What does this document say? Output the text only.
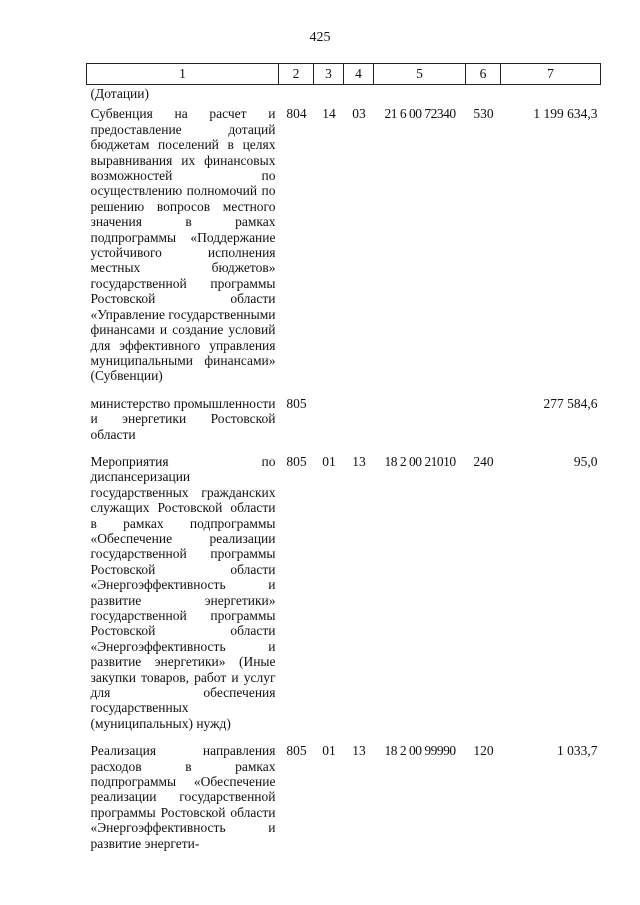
425
1	2	3	4	5	6	7
(Дотации)						
Субвенция на расчет и предоставление дотаций бюджетам поселений в целях выравнивания их финансовых возможностей по осуществлению полномочий по решению вопросов местного значения в рамках подпрограммы «Поддержание устойчивого исполнения местных бюджетов» государственной программы Ростовской области «Управление государственными финансами и создание условий для эффективного управления муниципальными финансами» (Субвенции)	804	14	03	21 6 00 72340	530	1 199 634,3
министерство промышленности и энергетики Ростовской области	805					277 584,6
Мероприятия по диспансеризации государственных гражданских служащих Ростовской области в рамках подпрограммы «Обеспечение реализации государственной программы Ростовской области «Энергоэффективность и развитие энергетики» государственной программы Ростовской области «Энергоэффективность и развитие энергетики» (Иные закупки товаров, работ и услуг для обеспечения государственных (муниципальных) нужд)	805	01	13	18 2 00 21010	240	95,0
Реализация направления расходов в рамках подпрограммы «Обеспечение реализации государственной программы Ростовской области «Энергоэффективность и развитие энергети-	805	01	13	18 2 00 99990	120	1 033,7
